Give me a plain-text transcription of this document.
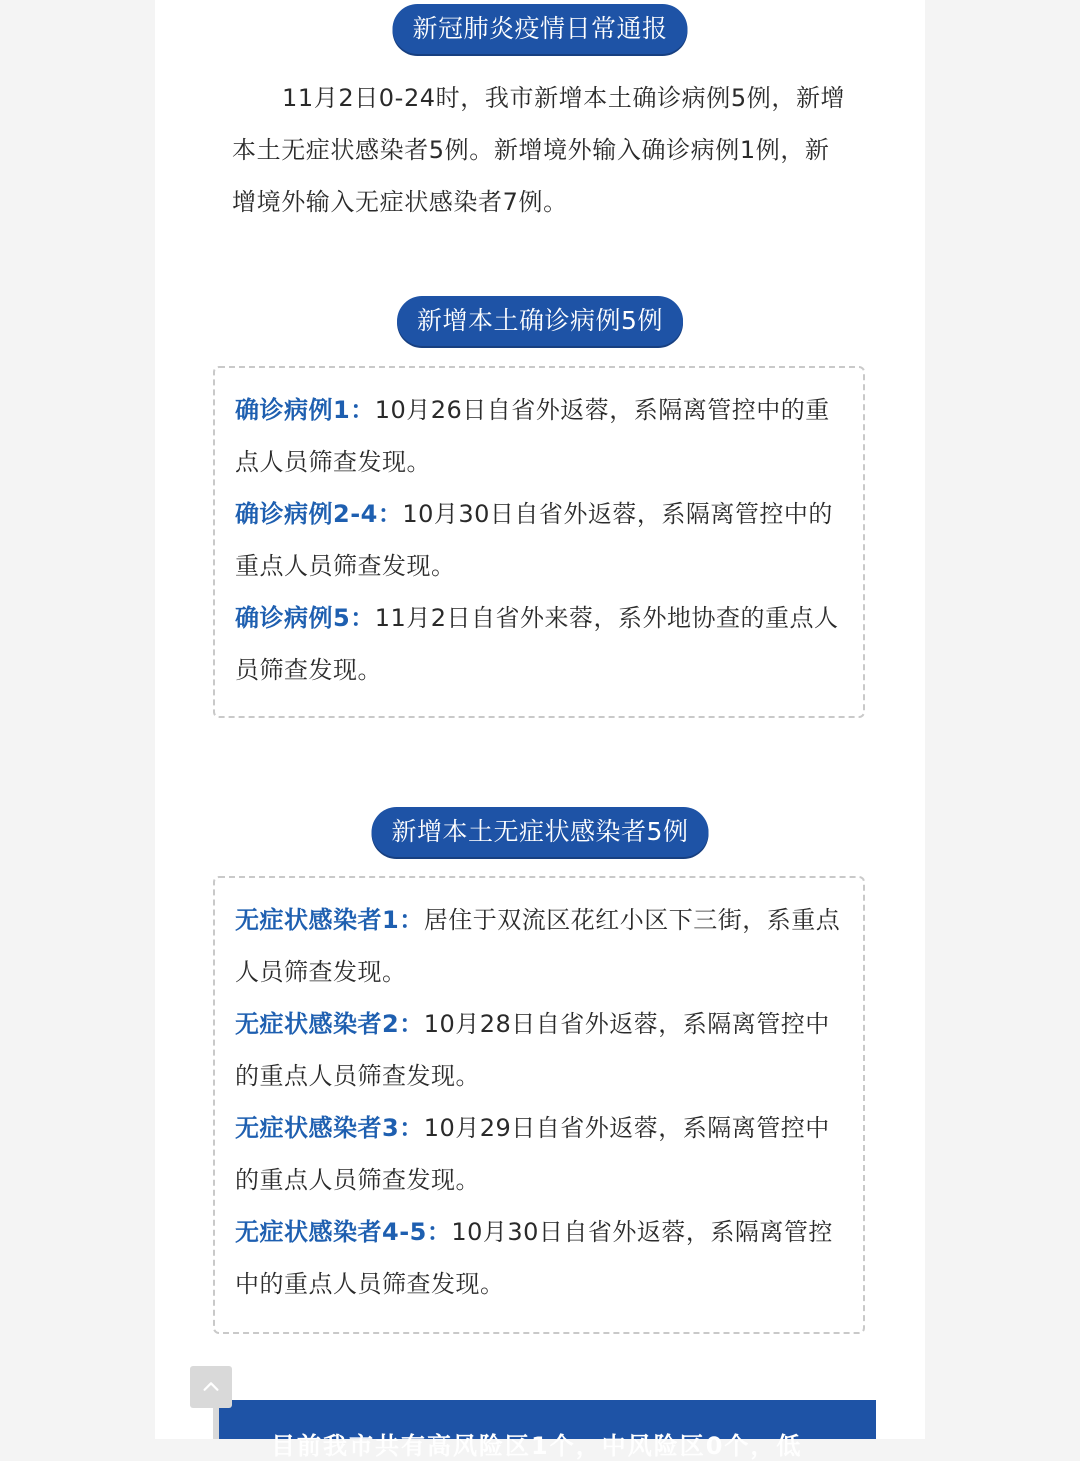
新冠肺炎疫情日常通报

11月2日0-24时，我市新增本土确诊病例5例，新增本土无症状感染者5例。新增境外输入确诊病例1例，新增境外输入无症状感染者7例。

新增本土确诊病例5例

确诊病例1：10月26日自省外返蓉，系隔离管控中的重点人员筛查发现。

确诊病例2-4：10月30日自省外返蓉，系隔离管控中的重点人员筛查发现。

确诊病例5：11月2日自省外来蓉，系外地协查的重点人员筛查发现。

新增本土无症状感染者5例

无症状感染者1：居住于双流区花红小区下三街，系重点人员筛查发现。

无症状感染者2：10月28日自省外返蓉，系隔离管控中的重点人员筛查发现。

无症状感染者3：10月29日自省外返蓉，系隔离管控中的重点人员筛查发现。

无症状感染者4-5：10月30日自省外返蓉，系隔离管控中的重点人员筛查发现。

目前我市共有高风险区1个，中风险区0个，低
